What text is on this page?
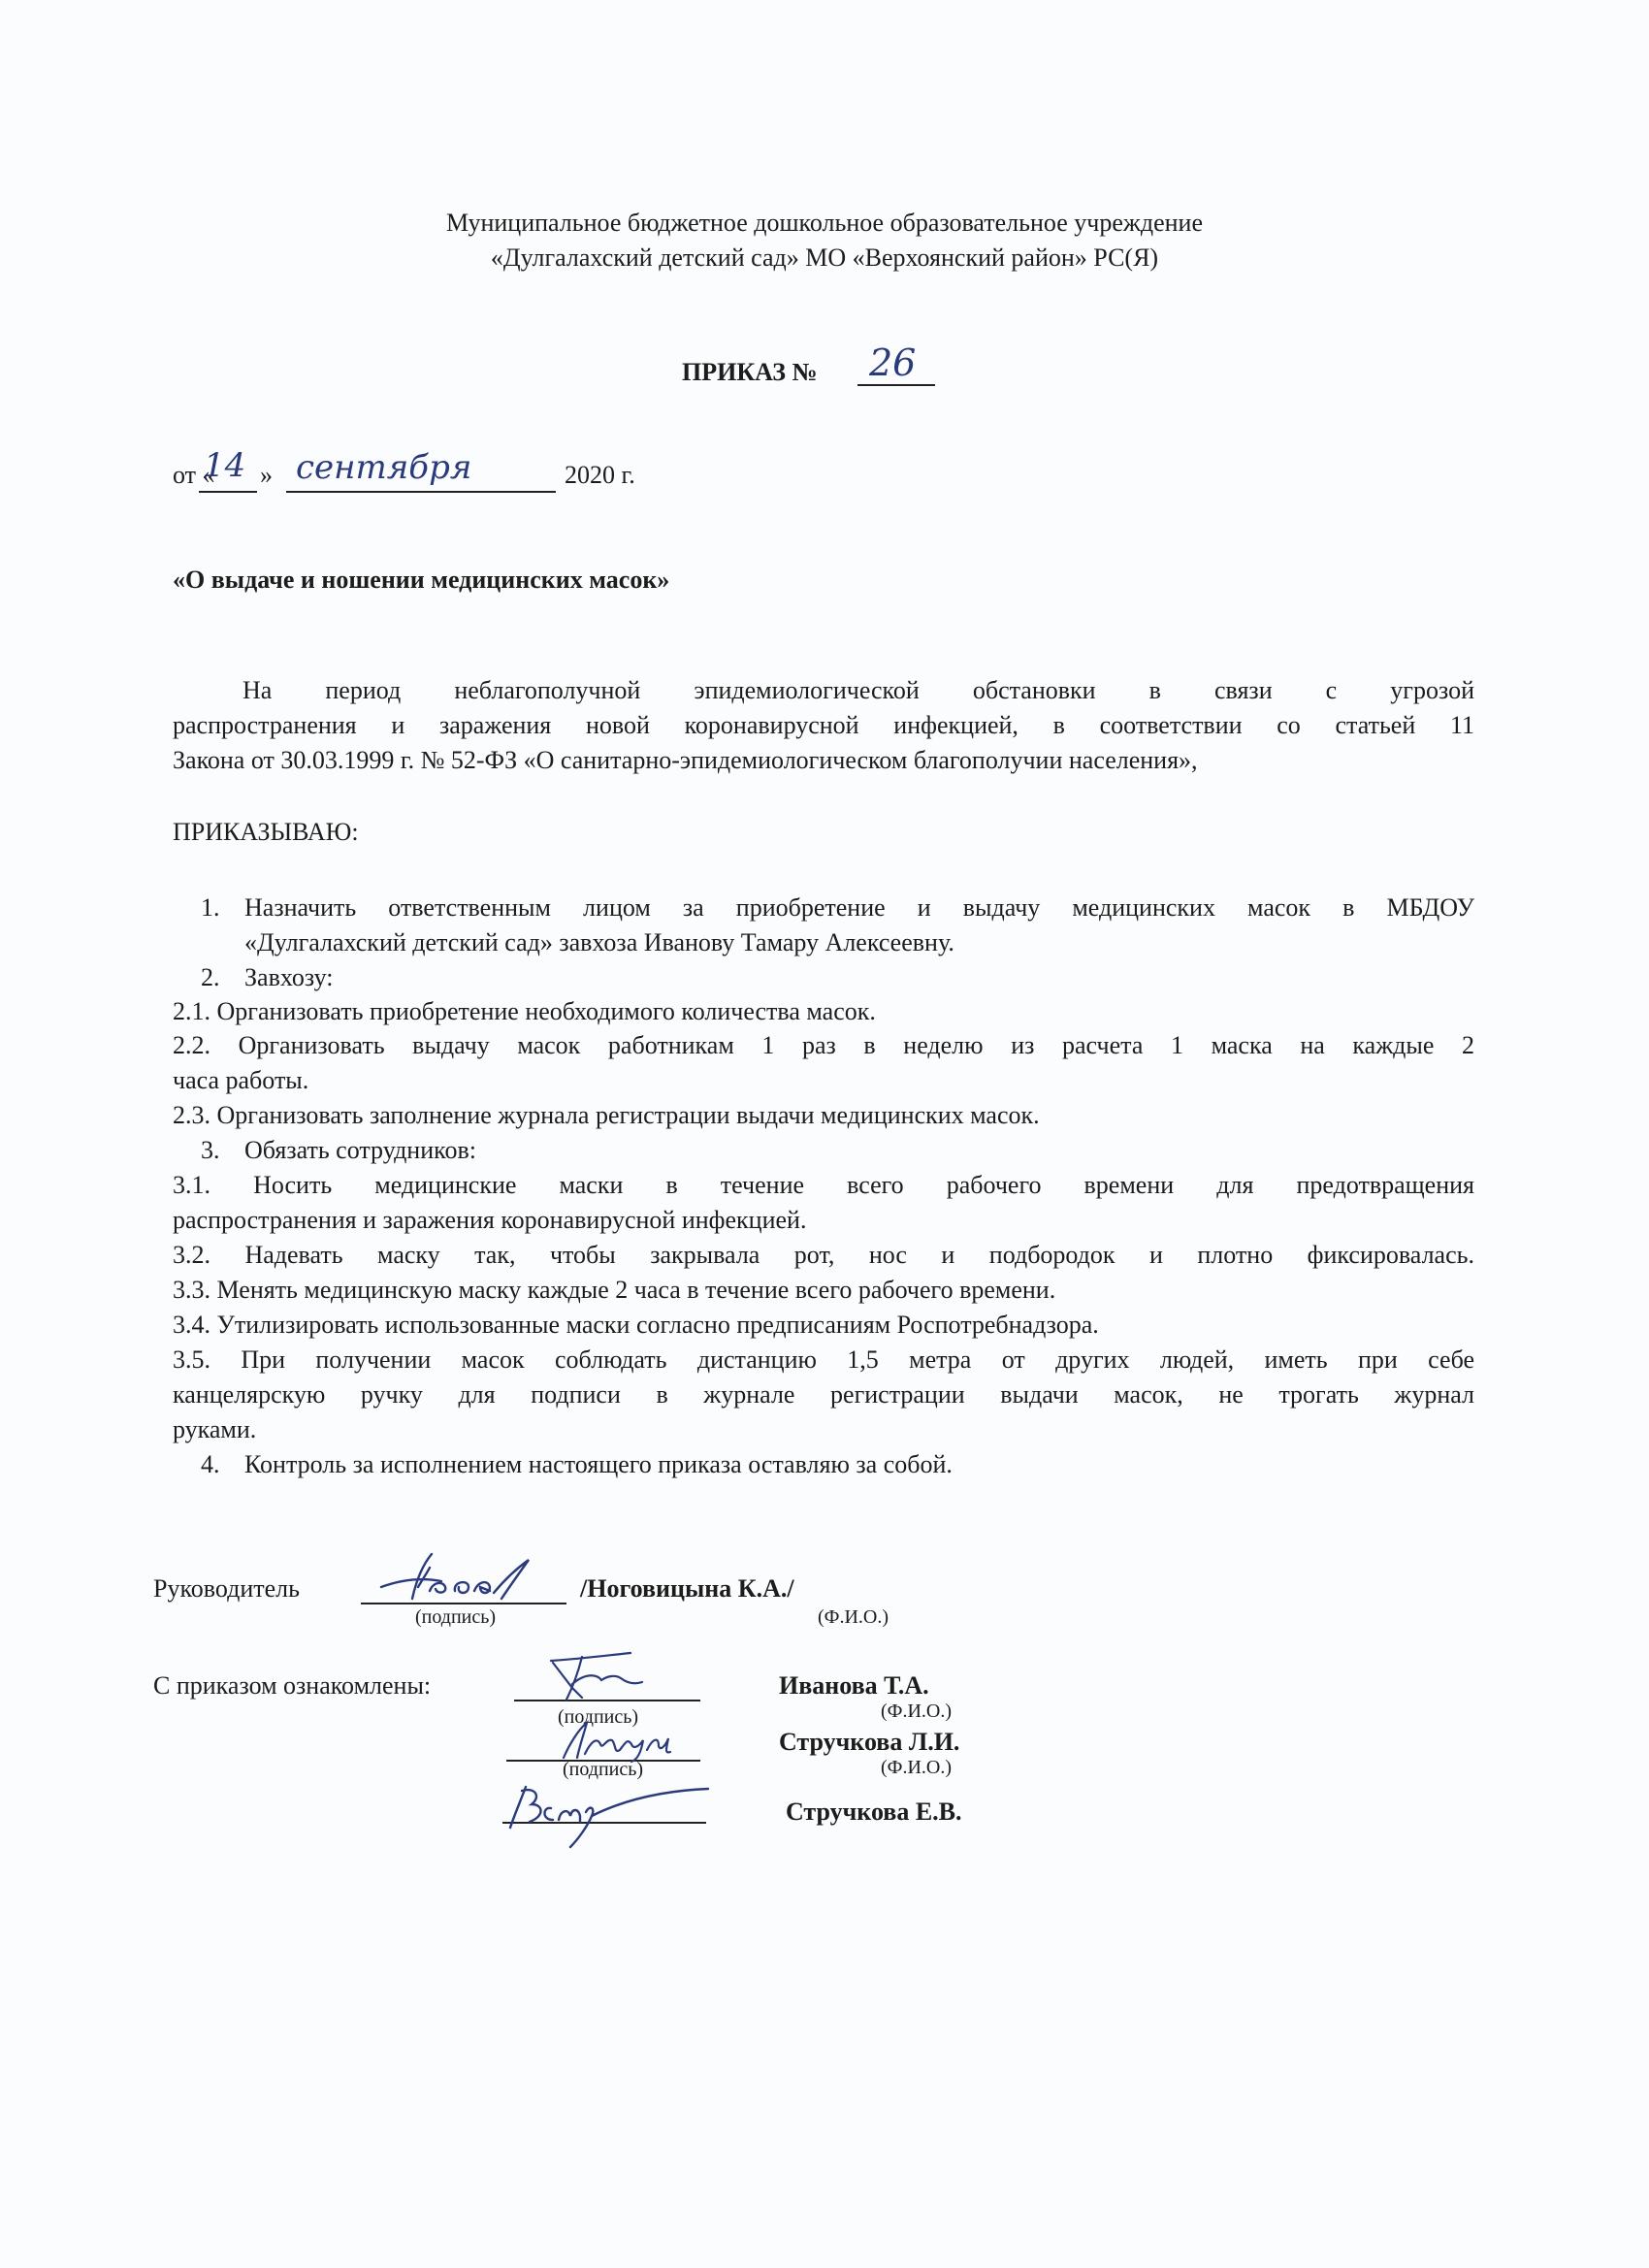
Муниципальное бюджетное дошкольное образовательное учреждение
«Дулгалахский детский сад» МО «Верхоянский район» РС(Я)
ПРИКАЗ № 26
от «
14 » сентября	2020 г.
«О выдаче и ношении медицинских масок»
На период неблагополучной эпидемиологической обстановки в связи с угрозой
распространения и заражения новой коронавирусной инфекцией, в соответствии со статьей 11
Закона от 30.03.1999 г. № 52-ФЗ «О санитарно-эпидемиологическом благополучии населения»,
ПРИКАЗЫВАЮ:
1. Назначить ответственным лицом за приобретение и выдачу медицинских масок в МБДОУ
«Дулгалахский детский сад» завхоза Иванову Тамару Алексеевну.
2. Завхозу:
2.1. Организовать приобретение необходимого количества масок.
2.2. Организовать выдачу масок работникам 1 раз в неделю из расчета 1 маска на каждые 2
часа работы.
2.3. Организовать заполнение журнала регистрации выдачи медицинских масок.
3. Обязать сотрудников:
3.1. Носить медицинские маски в течение всего рабочего времени для предотвращения
распространения и заражения коронавирусной инфекцией.
3.2. Надевать маску так, чтобы закрывала рот, нос и подбородок и плотно фиксировалась.
3.3. Менять медицинскую маску каждые 2 часа в течение всего рабочего времени.
3.4. Утилизировать использованные маски согласно предписаниям Роспотребнадзора.
3.5. При получении масок соблюдать дистанцию 1,5 метра от других людей, иметь при себе
канцелярскую ручку для подписи в журнале регистрации выдачи масок, не трогать журнал
руками.
4. Контроль за исполнением настоящего приказа оставляю за собой.
Руководитель	/Ноговицына К.А./
(подпись)	(Ф.И.О.)
С приказом ознакомлены:	Иванова Т.А.
(подпись)	(Ф.И.О.)
Стручкова Л.И.
(подпись)	(Ф.И.О.)
Стручкова Е.В.
